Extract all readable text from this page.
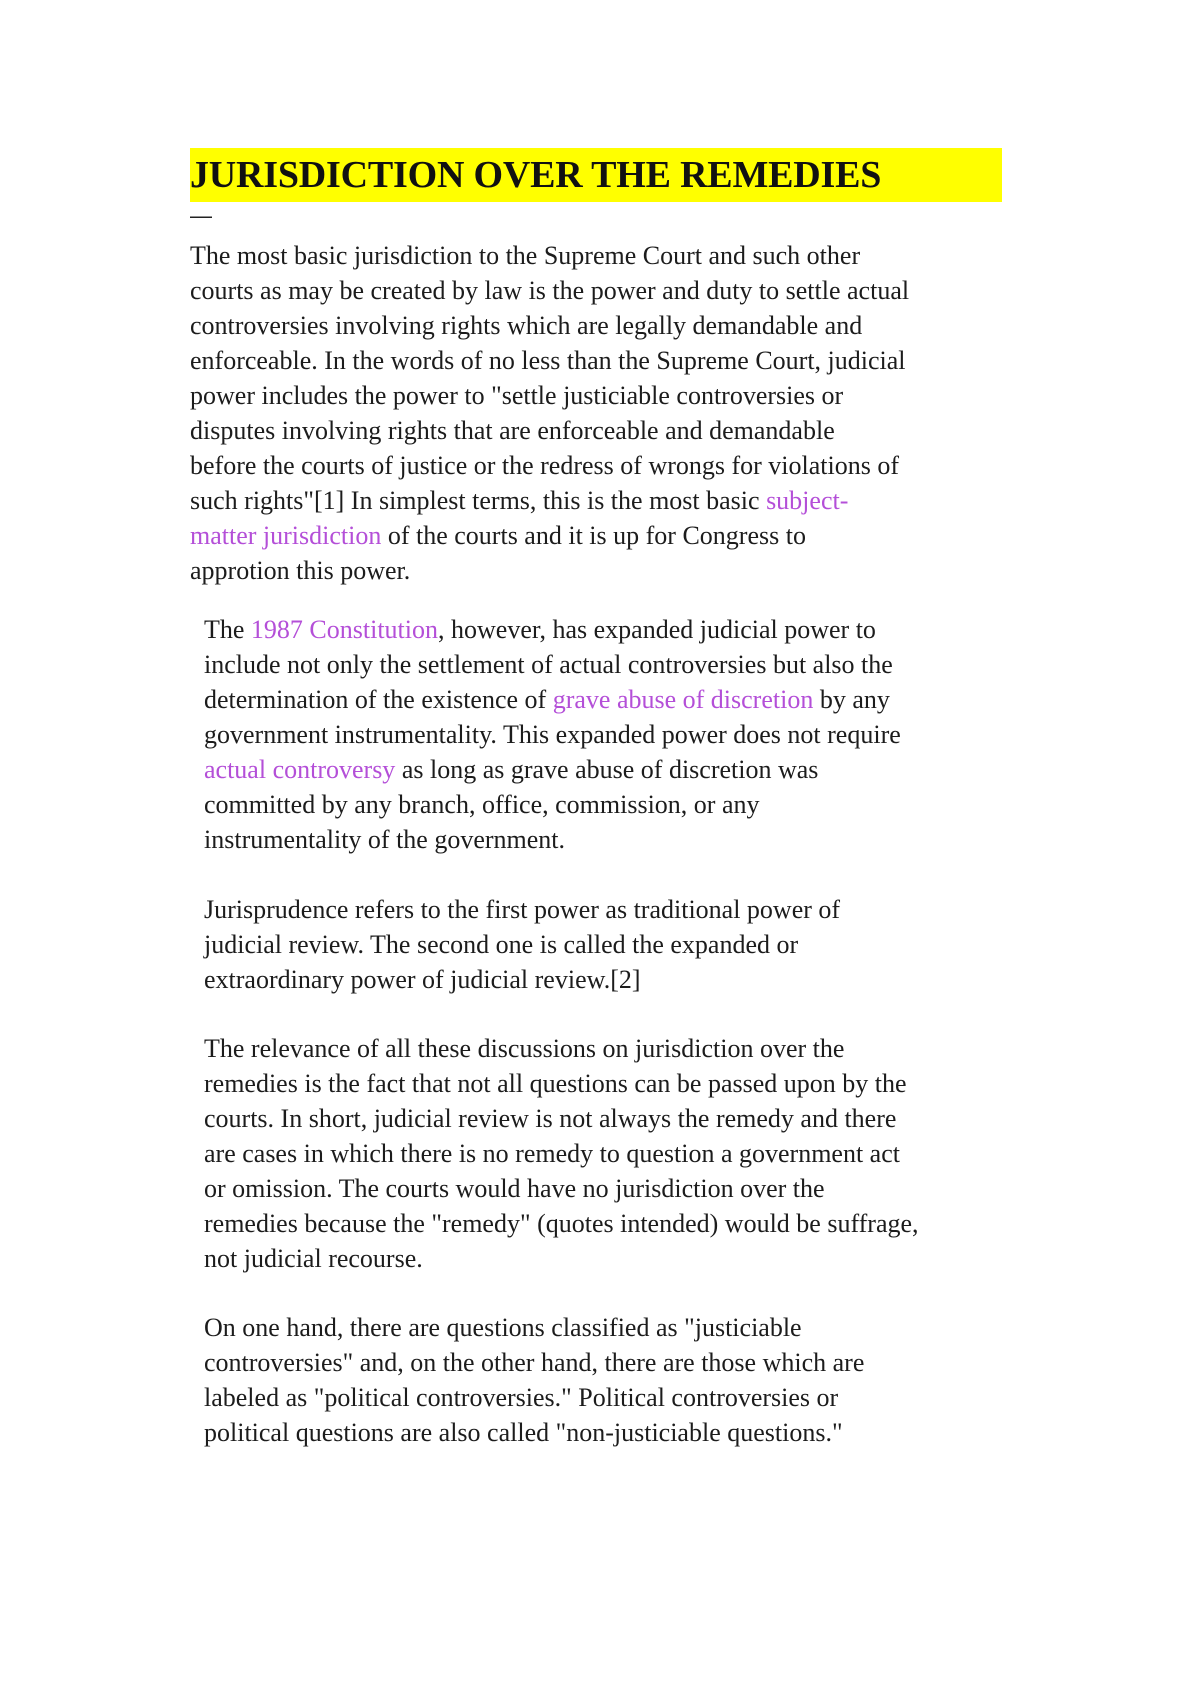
JURISDICTION OVER THE REMEDIES
—

The most basic jurisdiction to the Supreme Court and such other
courts as may be created by law is the power and duty to settle actual
controversies involving rights which are legally demandable and
enforceable. In the words of no less than the Supreme Court, judicial
power includes the power to "settle justiciable controversies or
disputes involving rights that are enforceable and demandable
before the courts of justice or the redress of wrongs for violations of
such rights"[1] In simplest terms, this is the most basic subject-
matter jurisdiction of the courts and it is up for Congress to
approtion this power.

The 1987 Constitution, however, has expanded judicial power to
include not only the settlement of actual controversies but also the
determination of the existence of grave abuse of discretion by any
government instrumentality. This expanded power does not require
actual controversy as long as grave abuse of discretion was
committed by any branch, office, commission, or any
instrumentality of the government.

Jurisprudence refers to the first power as traditional power of
judicial review. The second one is called the expanded or
extraordinary power of judicial review.[2]

The relevance of all these discussions on jurisdiction over the
remedies is the fact that not all questions can be passed upon by the
courts. In short, judicial review is not always the remedy and there
are cases in which there is no remedy to question a government act
or omission. The courts would have no jurisdiction over the
remedies because the "remedy" (quotes intended) would be suffrage,
not judicial recourse.

On one hand, there are questions classified as "justiciable
controversies" and, on the other hand, there are those which are
labeled as "political controversies." Political controversies or
political questions are also called "non-justiciable questions."
